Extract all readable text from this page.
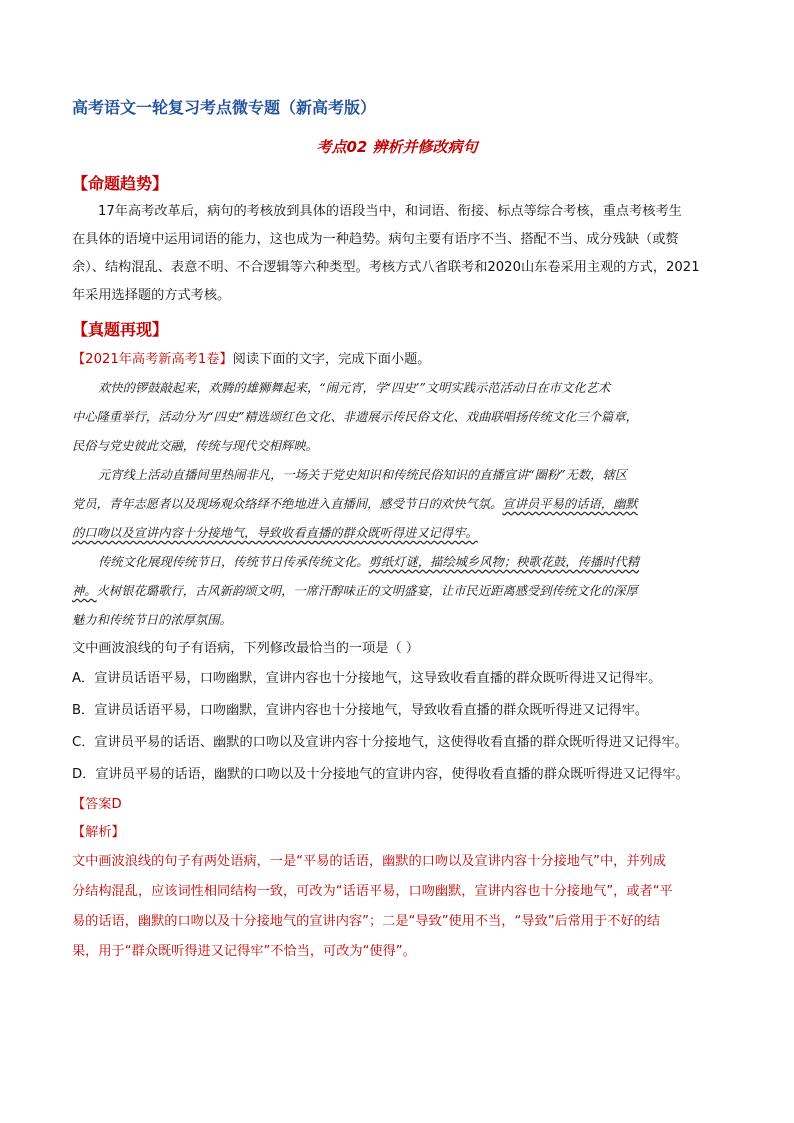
高考语文一轮复习考点微专题（新高考版）

考点02 辨析并修改病句

【命题趋势】

17年高考改革后，病句的考核放到具体的语段当中，和词语、衔接、标点等综合考核，重点考核考生

在具体的语境中运用词语的能力，这也成为一种趋势。病句主要有语序不当、搭配不当、成分残缺（或赘

余）、结构混乱、表意不明、不合逻辑等六种类型。考核方式八省联考和2020山东卷采用主观的方式，2021

年采用选择题的方式考核。

【真题再现】

【2021年高考新高考1卷】阅读下面的文字，完成下面小题。

欢快的锣鼓敲起来，欢腾的雄狮舞起来，“闹元宵，学‘四史’”文明实践示范活动日在市文化艺术

中心隆重举行，活动分为“四史”精选颂红色文化、非遗展示传民俗文化、戏曲联唱扬传统文化三个篇章，

民俗与党史彼此交融，传统与现代交相辉映。

元宵线上活动直播间里热闹非凡，一场关于党史知识和传统民俗知识的直播宣讲“圈粉”无数，辖区

党员，青年志愿者以及现场观众络绎不绝地进入直播间，感受节日的欢快气氛。宣讲员平易的话语，幽默

的口吻以及宣讲内容十分接地气，导致收看直播的群众既听得进又记得牢。

传统文化展现传统节日，传统节日传承传统文化。剪纸灯谜，描绘城乡风物；秧歌花鼓，传播时代精

神。火树银花璐歌行，古风新韵颂文明，一席汗醇味正的文明盛宴，让市民近距离感受到传统文化的深厚

魅力和传统节日的浓厚氛围。

文中画波浪线的句子有语病，下列修改最恰当的一项是（ ）

A．宣讲员话语平易，口吻幽默，宣讲内容也十分接地气，这导致收看直播的群众既听得进又记得牢。

B．宣讲员话语平易，口吻幽默，宣讲内容也十分接地气，导致收看直播的群众既听得进又记得牢。

C．宣讲员平易的话语、幽默的口吻以及宣讲内容十分接地气，这使得收看直播的群众既听得进又记得牢。

D．宣讲员平易的话语，幽默的口吻以及十分接地气的宣讲内容，使得收看直播的群众既听得进又记得牢。

【答案D

【解析】

文中画波浪线的句子有两处语病，一是“平易的话语，幽默的口吻以及宣讲内容十分接地气”中，并列成

分结构混乱，应该词性相同结构一致，可改为“话语平易，口吻幽默，宣讲内容也十分接地气”，或者“平

易的话语，幽默的口吻以及十分接地气的宣讲内容”；二是“导致”使用不当，“导致”后常用于不好的结

果，用于“群众既听得进又记得牢”不恰当，可改为“使得”。
